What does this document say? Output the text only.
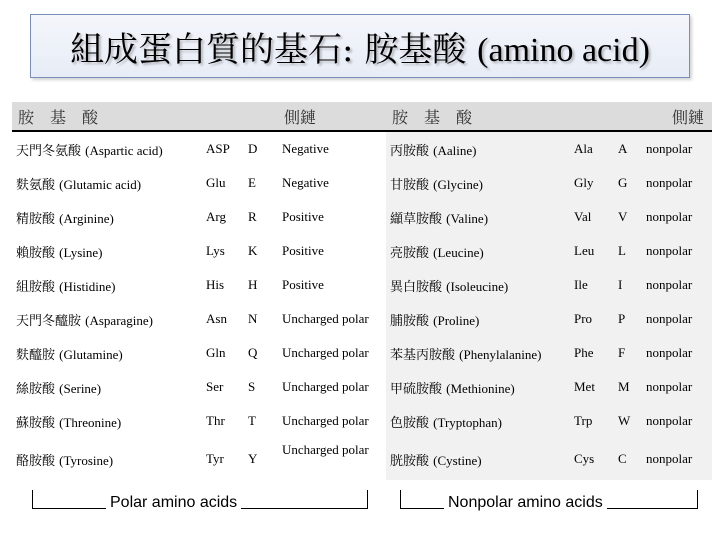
組成蛋白質的基石: 胺基酸 (amino acid)
胺　基　酸			側鏈	胺　基　酸			側鏈
天門冬氨酸 (Aspartic acid)	ASP	D	Negative	丙胺酸 (Aaline)	Ala	A	nonpolar
麩氨酸 (Glutamic acid)	Glu	E	Negative	甘胺酸 (Glycine)	Gly	G	nonpolar
精胺酸 (Arginine)	Arg	R	Positive	纈草胺酸 (Valine)	Val	V	nonpolar
賴胺酸 (Lysine)	Lys	K	Positive	亮胺酸 (Leucine)	Leu	L	nonpolar
組胺酸 (Histidine)	His	H	Positive	異白胺酸 (Isoleucine)	Ile	I	nonpolar
天門冬醯胺 (Asparagine)	Asn	N	Uncharged polar	脯胺酸 (Proline)	Pro	P	nonpolar
麩醯胺 (Glutamine)	Gln	Q	Uncharged polar	苯基丙胺酸 (Phenylalanine)	Phe	F	nonpolar
絲胺酸 (Serine)	Ser	S	Uncharged polar	甲硫胺酸 (Methionine)	Met	M	nonpolar
蘇胺酸 (Threonine)	Thr	T	Uncharged polar	色胺酸 (Tryptophan)	Trp	W	nonpolar
酪胺酸 (Tyrosine)	Tyr	Y	Uncharged polar	胱胺酸 (Cystine)	Cys	C	nonpolar
Polar amino acids	Nonpolar amino acids
